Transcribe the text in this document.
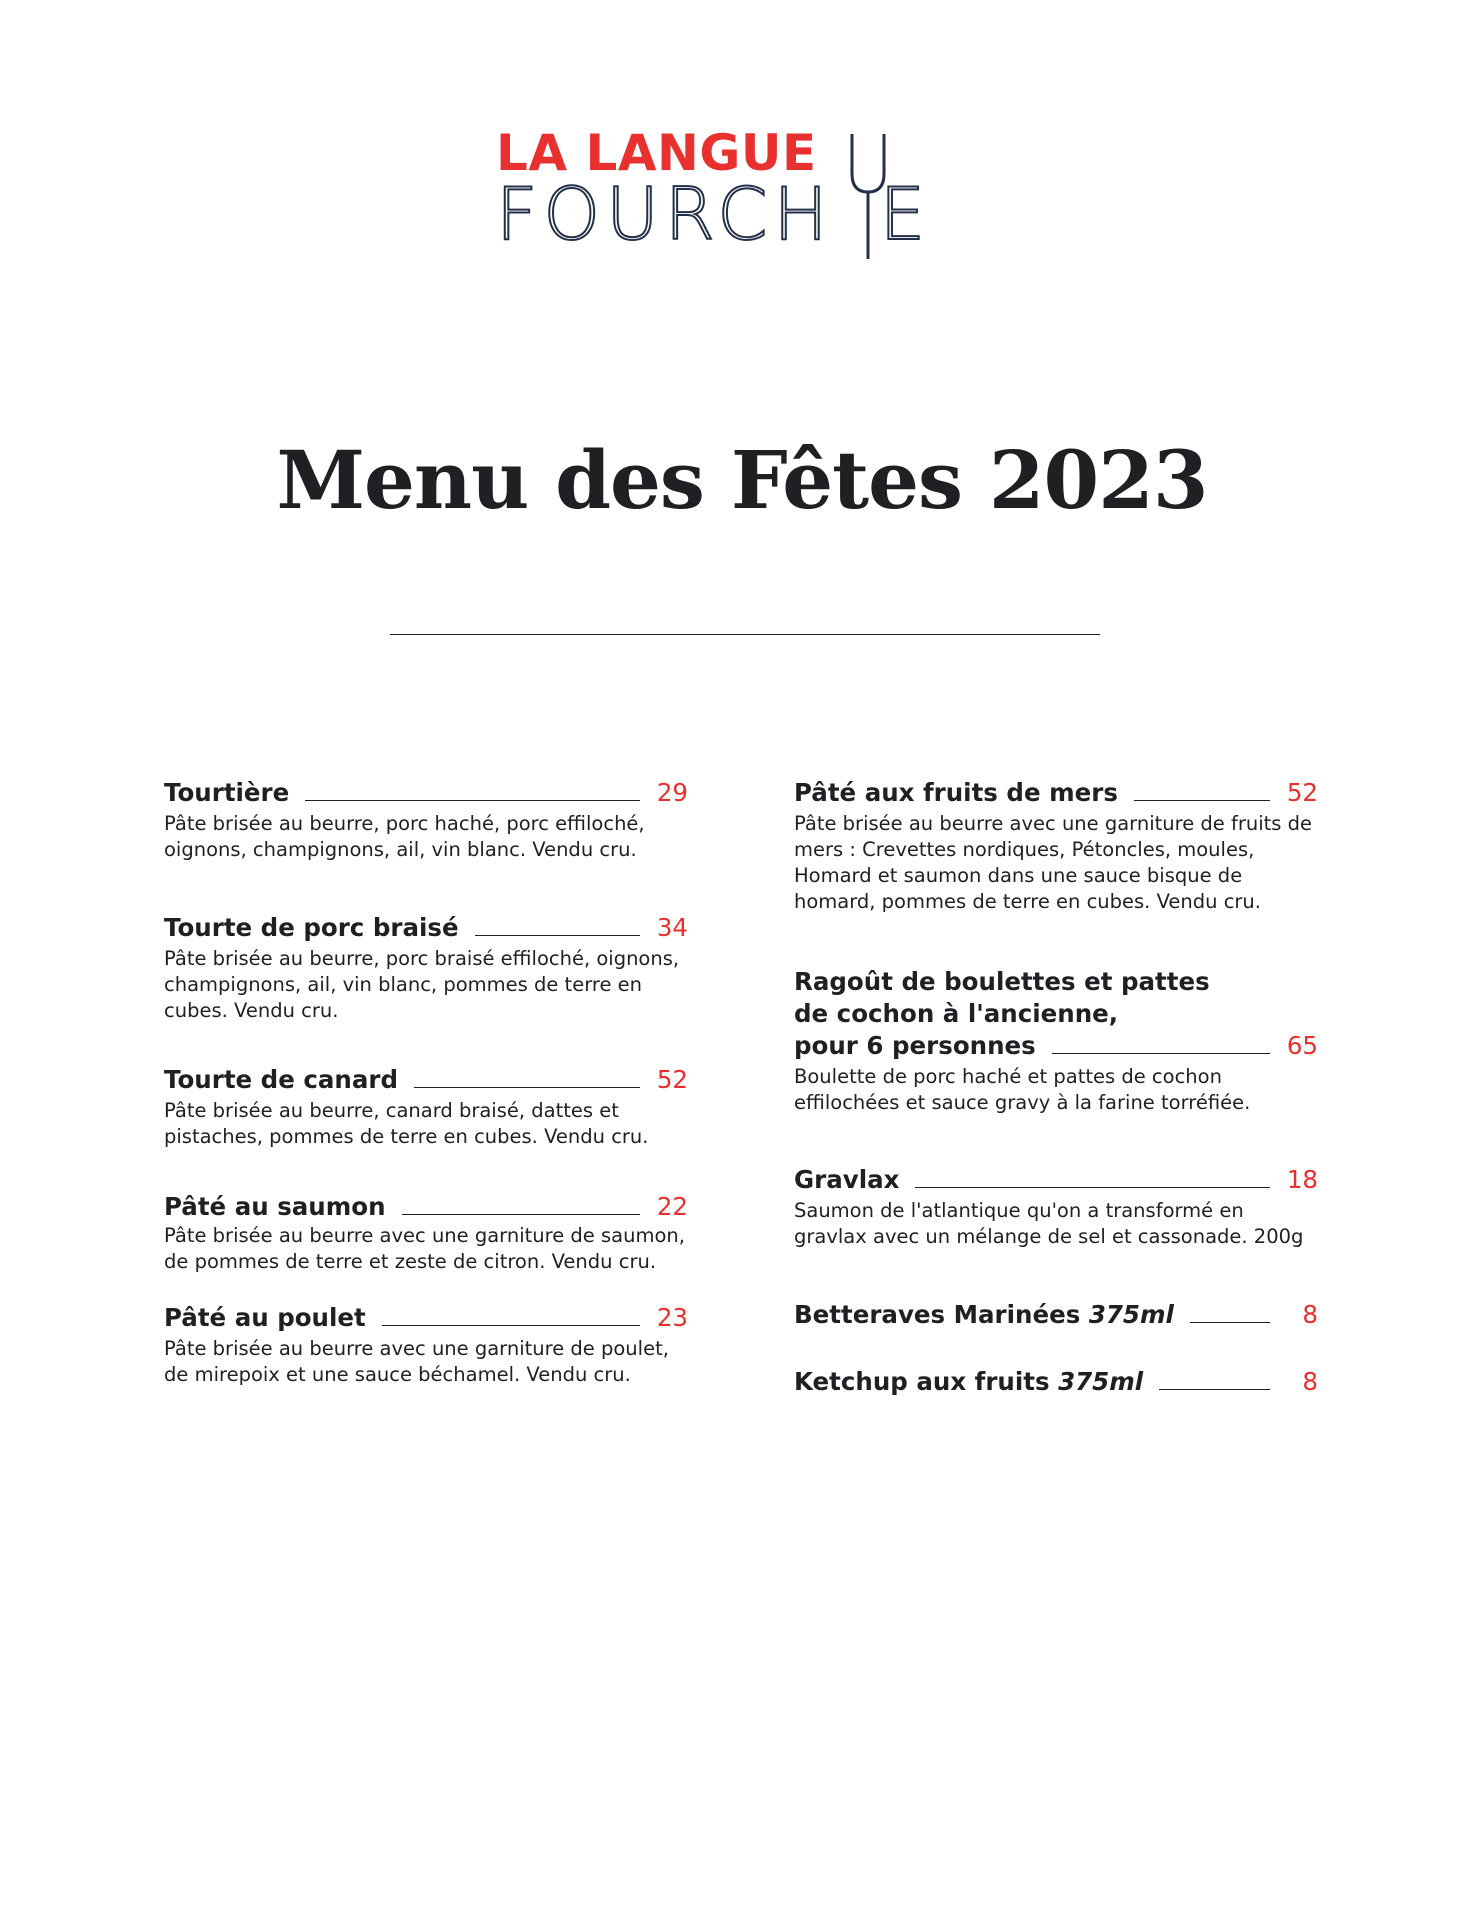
LA LANGUE
FOURCH E
Menu des Fêtes 2023
Tourtière	29
Pâte brisée au beurre, porc haché, porc effiloché, oignons, champignons, ail, vin blanc. Vendu cru.
Tourte de porc braisé	34
Pâte brisée au beurre, porc braisé effiloché, oignons, champignons, ail, vin blanc, pommes de terre en cubes. Vendu cru.
Tourte de canard	52
Pâte brisée au beurre, canard braisé, dattes et pistaches, pommes de terre en cubes. Vendu cru.
Pâté au saumon	22
Pâte brisée au beurre avec une garniture de saumon, de pommes de terre et zeste de citron. Vendu cru.
Pâté au poulet	23
Pâte brisée au beurre avec une garniture de poulet, de mirepoix et une sauce béchamel. Vendu cru.
Pâté aux fruits de mers	52
Pâte brisée au beurre avec une garniture de fruits de mers : Crevettes nordiques, Pétoncles, moules, Homard et saumon dans une sauce bisque de homard, pommes de terre en cubes. Vendu cru.
Ragoût de boulettes et pattes
de cochon à l'ancienne,
pour 6 personnes	65
Boulette de porc haché et pattes de cochon effilochées et sauce gravy à la farine torréfiée.
Gravlax	18
Saumon de l'atlantique qu'on a transformé en gravlax avec un mélange de sel et cassonade. 200g
Betteraves Marinées 375ml	8
Ketchup aux fruits 375ml	8
